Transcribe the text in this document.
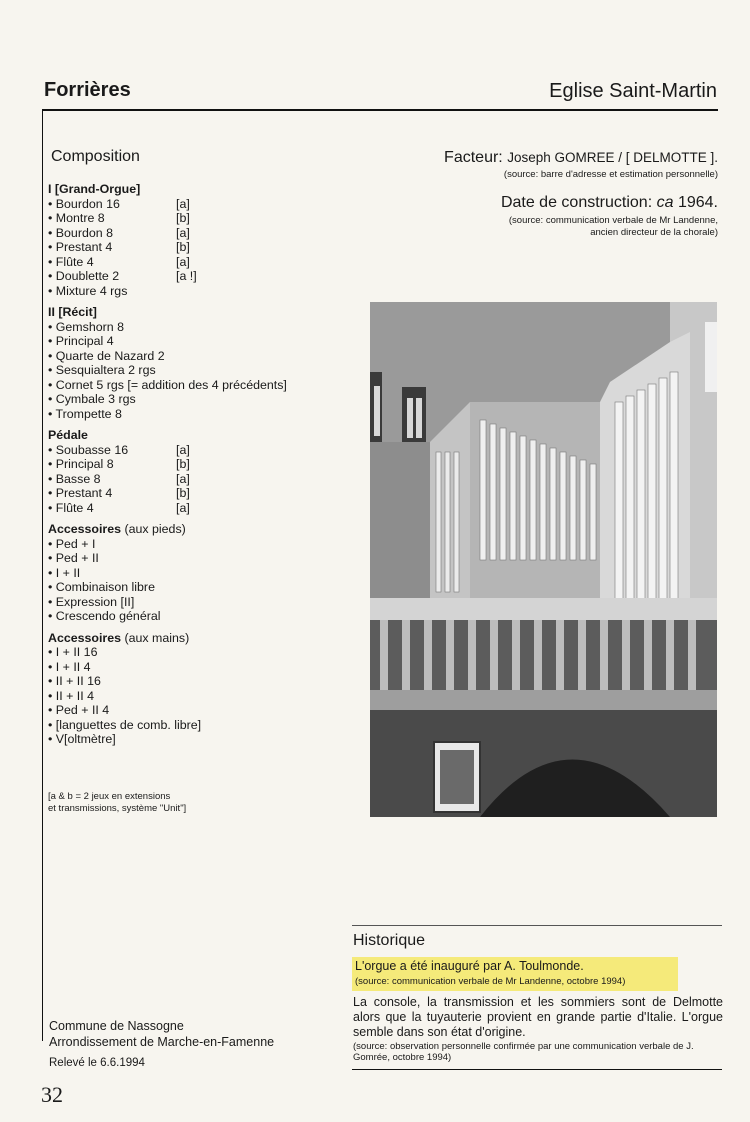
Forrières	Eglise Saint-Martin
Composition
I [Grand-Orgue]
• Bourdon 16	[a]
• Montre 8	[b]
• Bourdon 8	[a]
• Prestant 4	[b]
• Flûte 4	[a]
• Doublette 2	[a !]
• Mixture 4 rgs
II [Récit]
• Gemshorn 8
• Principal 4
• Quarte de Nazard 2
• Sesquialtera 2 rgs
• Cornet 5 rgs [= addition des 4 précédents]
• Cymbale 3 rgs
• Trompette 8
Pédale
• Soubasse 16	[a]
• Principal 8	[b]
• Basse 8	[a]
• Prestant 4	[b]
• Flûte 4	[a]
Accessoires (aux pieds)
• Ped + I
• Ped + II
• I + II
• Combinaison libre
• Expression [II]
• Crescendo général
Accessoires (aux mains)
• I + II 16
• I + II 4
• II + II 16
• II + II 4
• Ped + II 4
• [languettes de comb. libre]
• V[oltmètre]
[a & b = 2 jeux en extensions
et transmissions, système "Unit"]
Facteur: Joseph GOMREE / [ DELMOTTE ].
(source: barre d'adresse et estimation personnelle)
Date de construction: ca 1964.
(source: communication verbale de Mr Landenne,
ancien directeur de la chorale)
Historique
L'orgue a été inauguré par A. Toulmonde.
(source: communication verbale de Mr Landenne, octobre 1994)
La console, la transmission et les sommiers sont de Delmotte alors que la tuyauterie provient en grande partie d'Italie. L'orgue semble dans son état d'origine.
(source: observation personnelle confirmée par une communication verbale de J. Gomrée, octobre 1994)
Commune de Nassogne
Arrondissement de Marche-en-Famenne
Relevé le 6.6.1994
32
